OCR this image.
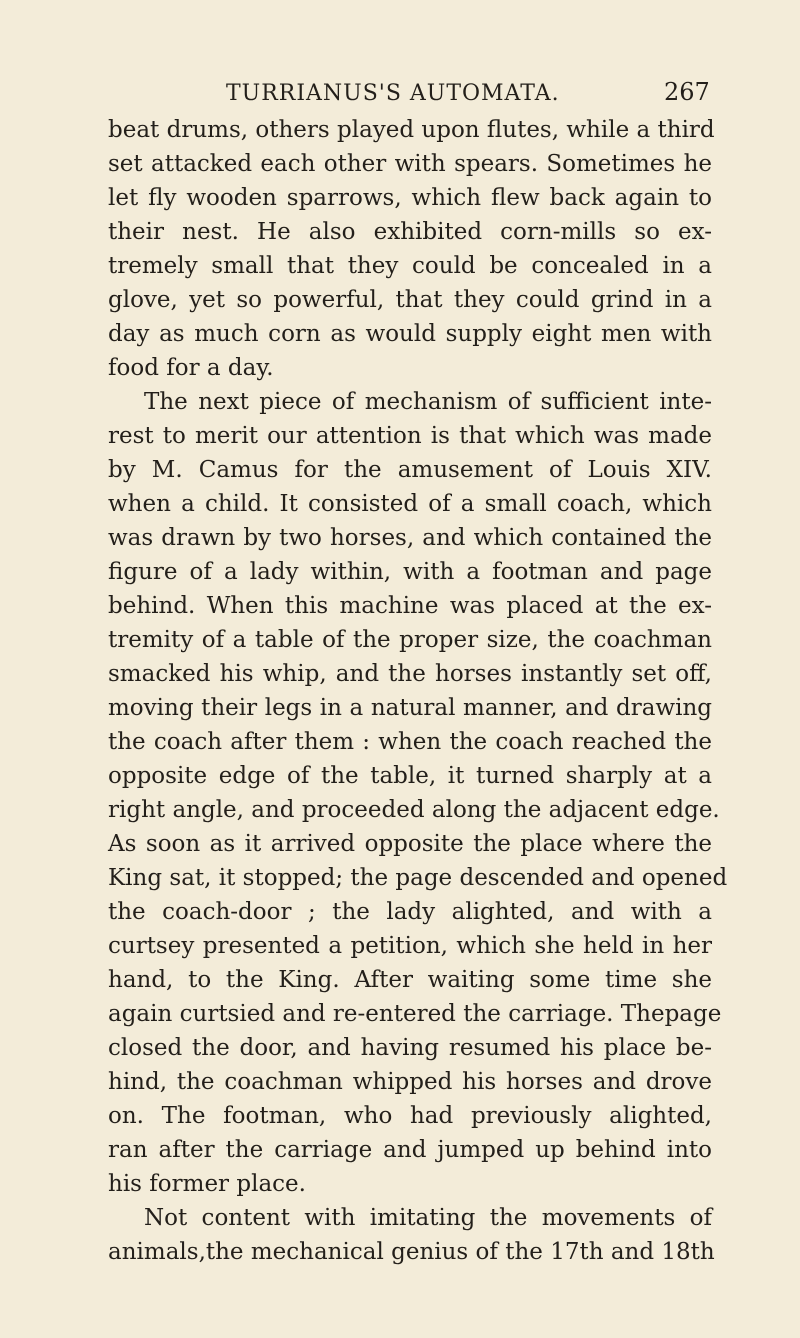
TURRIANUS'S AUTOMATA.	267
beat drums, others played upon flutes, while a third
set attacked each other with spears. Sometimes he
let fly wooden sparrows, which flew back again to
their nest. He also exhibited corn-mills so ex-
tremely small that they could be concealed in a
glove, yet so powerful, that they could grind in a
day as much corn as would supply eight men with
food for a day.
The next piece of mechanism of sufficient inte-
rest to merit our attention is that which was made
by M. Camus for the amusement of Louis XIV.
when a child. It consisted of a small coach, which
was drawn by two horses, and which contained the
figure of a lady within, with a footman and page
behind. When this machine was placed at the ex-
tremity of a table of the proper size, the coachman
smacked his whip, and the horses instantly set off,
moving their legs in a natural manner, and drawing
the coach after them : when the coach reached the
opposite edge of the table, it turned sharply at a
right angle, and proceeded along the adjacent edge.
As soon as it arrived opposite the place where the
King sat, it stopped; the page descended and opened
the coach-door ; the lady alighted, and with a
curtsey presented a petition, which she held in her
hand, to the King. After waiting some time she
again curtsied and re-entered the carriage. Thepage
closed the door, and having resumed his place be-
hind, the coachman whipped his horses and drove
on. The footman, who had previously alighted,
ran after the carriage and jumped up behind into
his former place.
Not content with imitating the movements of
animals,the mechanical genius of the 17th and 18th
